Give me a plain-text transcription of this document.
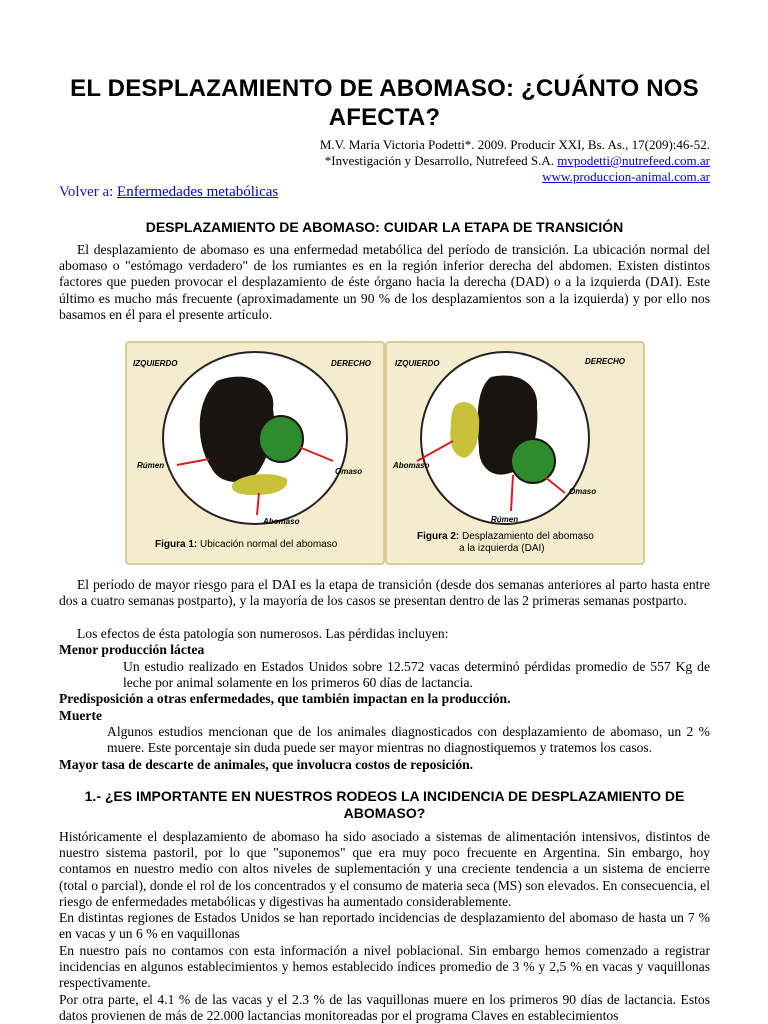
EL DESPLAZAMIENTO DE ABOMASO: ¿CUÁNTO NOS AFECTA?
M.V. María Victoria Podetti*. 2009. Producir XXI, Bs. As., 17(209):46-52.
*Investigación y Desarrollo, Nutrefeed S.A. mvpodetti@nutrefeed.com.ar
www.produccion-animal.com.ar
Volver a: Enfermedades metabólicas
DESPLAZAMIENTO DE ABOMASO: CUIDAR LA ETAPA DE TRANSICIÓN
El desplazamiento de abomaso es una enfermedad metabólica del período de transición. La ubicación normal del abomaso o "estómago verdadero" de los rumiantes es en la región inferior derecha del abdomen. Existen distintos factores que pueden provocar el desplazamiento de éste órgano hacia la derecha (DAD) o a la izquierda (DAI). Este último es mucho más frecuente (aproximadamente un 90 % de los desplazamientos son a la izquierda) y por ello nos basamos en él para el presente artículo.
IZQUIERDO	DERECHO
Rúmen
Omaso
Abomaso
Figura 1: Ubicación normal del abomaso
IZQUIERDO	DERECHO
Abomaso
Omaso
Rúmen
Figura 2: Desplazamiento del abomaso
a la izquierda (DAI)
El período de mayor riesgo para el DAI es la etapa de transición (desde dos semanas anteriores al parto hasta entre dos a cuatro semanas postparto), y la mayoría de los casos se presentan dentro de las 2 primeras semanas postparto.
Los efectos de ésta patología son numerosos. Las pérdidas incluyen:
Menor producción láctea
Un estudio realizado en Estados Unidos sobre 12.572 vacas determinó pérdidas promedio de 557 Kg de leche por animal solamente en los primeros 60 días de lactancia.
Predisposición a otras enfermedades, que también impactan en la producción.
Muerte
Algunos estudios mencionan que de los animales diagnosticados con desplazamiento de abomaso, un 2 % muere. Este porcentaje sin duda puede ser mayor mientras no diagnostiquemos y tratemos los casos.
Mayor tasa de descarte de animales, que involucra costos de reposición.
1.- ¿ES IMPORTANTE EN NUESTROS RODEOS LA INCIDENCIA DE DESPLAZAMIENTO DE ABOMASO?
Históricamente el desplazamiento de abomaso ha sido asociado a sistemas de alimentación intensivos, distintos de nuestro sistema pastoril, por lo que "suponemos" que era muy poco frecuente en Argentina. Sin embargo, hoy contamos en nuestro medio con altos niveles de suplementación y una creciente tendencia a un sistema de encierre (total o parcial), donde el rol de los concentrados y el consumo de materia seca (MS) son elevados. En consecuencia, el riesgo de enfermedades metabólicas y digestivas ha aumentado considerablemente.
En distintas regiones de Estados Unidos se han reportado incidencias de desplazamiento del abomaso de hasta un 7 % en vacas y un 6 % en vaquillonas
En nuestro país no contamos con esta información a nivel poblacional. Sin embargo hemos comenzado a registrar incidencias en algunos establecimientos y hemos establecido índices promedio de 3 % y 2,5 % en vacas y vaquillonas respectivamente.
Por otra parte, el 4.1 % de las vacas y el 2.3 % de las vaquillonas muere en los primeros 90 días de lactancia. Estos datos provienen de más de 22.000 lactancias monitoreadas por el programa Claves en establecimientos
